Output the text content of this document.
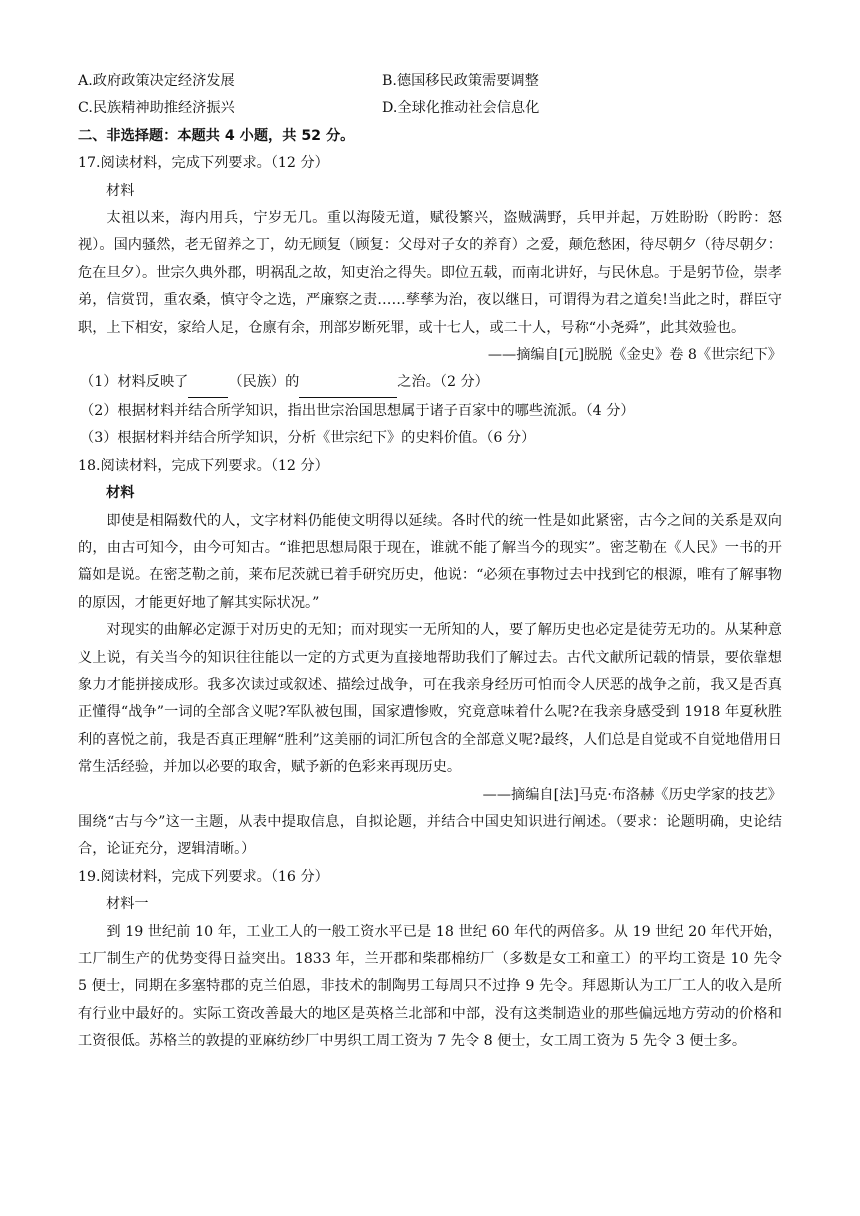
A.政府政策决定经济发展	B.德国移民政策需要调整
C.民族精神助推经济振兴	D.全球化推动社会信息化
二、非选择题：本题共 4 小题，共 52 分。
17.阅读材料，完成下列要求。（12 分）
材料
太祖以来，海内用兵，宁岁无几。重以海陵无道，赋役繁兴，盗贼满野，兵甲并起，万姓盼盼（盻盻：怒视）。国内骚然，老无留养之丁，幼无顾复（顾复：父母对子女的养育）之爱，颠危愁困，待尽朝夕（待尽朝夕：危在旦夕）。世宗久典外郡，明祸乱之故，知吏治之得失。即位五载，而南北讲好，与民休息。于是躬节俭，崇孝弟，信赏罚，重农桑，慎守令之选，严廉察之责……孳孳为治，夜以继日，可谓得为君之道矣!当此之时，群臣守职，上下相安，家给人足，仓廪有余，刑部岁断死罪，或十七人，或二十人，号称“小尧舜”，此其效验也。
——摘编自[元]脱脱《金史》卷 8《世宗纪下》
（1）材料反映了	（民族）的	之治。（2 分）
（2）根据材料并结合所学知识，指出世宗治国思想属于诸子百家中的哪些流派。（4 分）
（3）根据材料并结合所学知识，分析《世宗纪下》的史料价值。（6 分）
18.阅读材料，完成下列要求。（12 分）
材料
即使是相隔数代的人，文字材料仍能使文明得以延续。各时代的统一性是如此紧密，古今之间的关系是双向的，由古可知今，由今可知古。“谁把思想局限于现在，谁就不能了解当今的现实”。密芝勒在《人民》一书的开篇如是说。在密芝勒之前，莱布尼茨就已着手研究历史，他说：“必须在事物过去中找到它的根源，唯有了解事物的原因，才能更好地了解其实际状况。”
对现实的曲解必定源于对历史的无知；而对现实一无所知的人，要了解历史也必定是徒劳无功的。从某种意义上说，有关当今的知识往往能以一定的方式更为直接地帮助我们了解过去。古代文献所记载的情景，要依靠想象力才能拼接成形。我多次读过或叙述、描绘过战争，可在我亲身经历可怕而令人厌恶的战争之前，我又是否真正懂得“战争”一词的全部含义呢?军队被包围，国家遭惨败，究竟意味着什么呢?在我亲身感受到 1918 年夏秋胜利的喜悦之前，我是否真正理解“胜利”这美丽的词汇所包含的全部意义呢?最终，人们总是自觉或不自觉地借用日常生活经验，并加以必要的取舍，赋予新的色彩来再现历史。
——摘编自[法]马克·布洛赫《历史学家的技艺》
围绕“古与今”这一主题，从表中提取信息，自拟论题，并结合中国史知识进行阐述。（要求：论题明确，史论结合，论证充分，逻辑清晰。）
19.阅读材料，完成下列要求。（16 分）
材料一
到 19 世纪前 10 年，工业工人的一般工资水平已是 18 世纪 60 年代的两倍多。从 19 世纪 20 年代开始，工厂制生产的优势变得日益突出。1833 年，兰开郡和柴郡棉纺厂（多数是女工和童工）的平均工资是 10 先令 5 便士，同期在多塞特郡的克兰伯恩，非技术的制陶男工每周只不过挣 9 先令。拜恩斯认为工厂工人的收入是所有行业中最好的。实际工资改善最大的地区是英格兰北部和中部，没有这类制造业的那些偏远地方劳动的价格和工资很低。苏格兰的敦提的亚麻纺纱厂中男织工周工资为 7 先令 8 便士，女工周工资为 5 先令 3 便士多。
